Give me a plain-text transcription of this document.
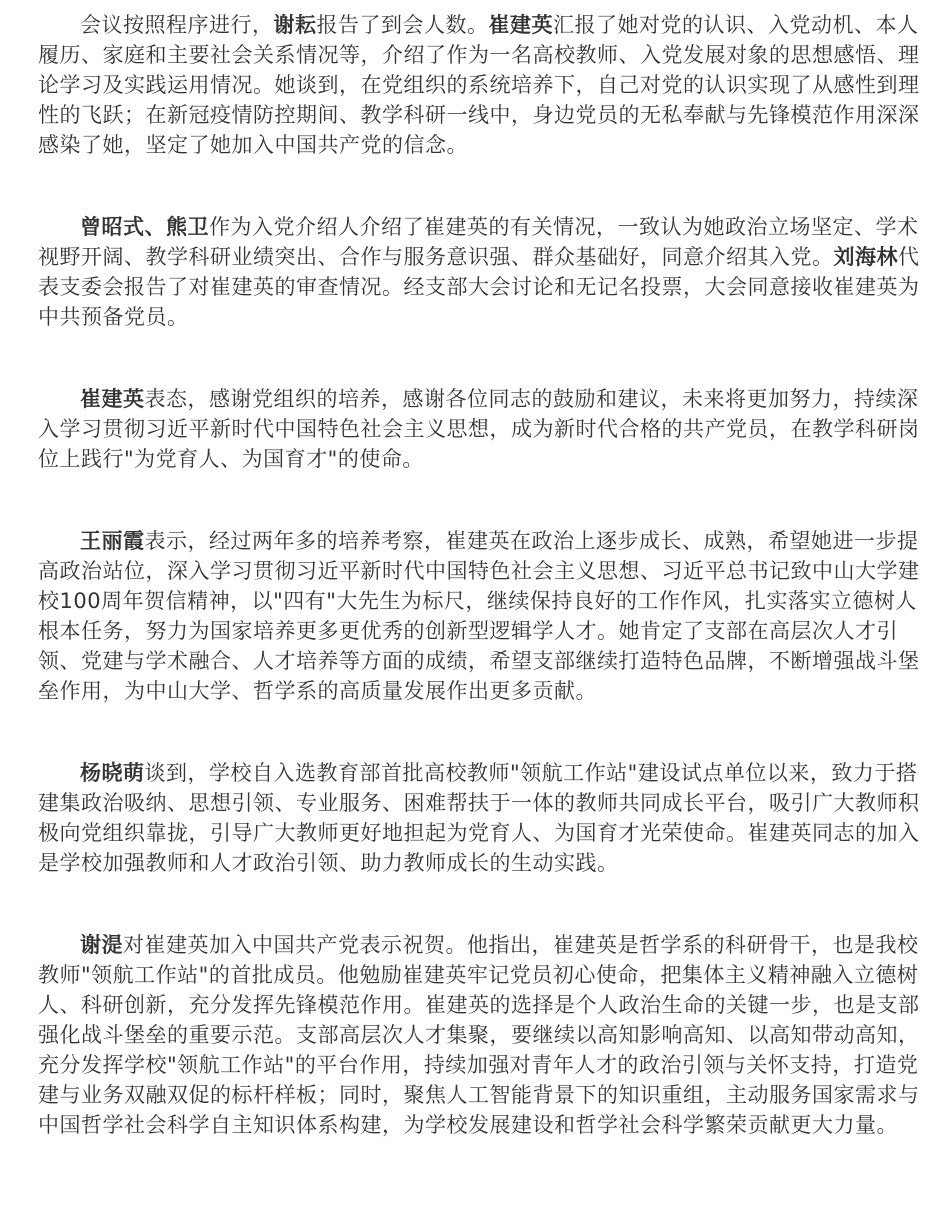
会议按照程序进行，谢耘报告了到会人数。崔建英汇报了她对党的认识、入党动机、本人履历、家庭和主要社会关系情况等，介绍了作为一名高校教师、入党发展对象的思想感悟、理论学习及实践运用情况。她谈到，在党组织的系统培养下，自己对党的认识实现了从感性到理性的飞跃；在新冠疫情防控期间、教学科研一线中，身边党员的无私奉献与先锋模范作用深深感染了她，坚定了她加入中国共产党的信念。

曾昭式、熊卫作为入党介绍人介绍了崔建英的有关情况，一致认为她政治立场坚定、学术视野开阔、教学科研业绩突出、合作与服务意识强、群众基础好，同意介绍其入党。刘海林代表支委会报告了对崔建英的审查情况。经支部大会讨论和无记名投票，大会同意接收崔建英为中共预备党员。

崔建英表态，感谢党组织的培养，感谢各位同志的鼓励和建议，未来将更加努力，持续深入学习贯彻习近平新时代中国特色社会主义思想，成为新时代合格的共产党员，在教学科研岗位上践行"为党育人、为国育才"的使命。

王丽霞表示，经过两年多的培养考察，崔建英在政治上逐步成长、成熟，希望她进一步提高政治站位，深入学习贯彻习近平新时代中国特色社会主义思想、习近平总书记致中山大学建校100周年贺信精神，以"四有"大先生为标尺，继续保持良好的工作作风，扎实落实立德树人根本任务，努力为国家培养更多更优秀的创新型逻辑学人才。她肯定了支部在高层次人才引领、党建与学术融合、人才培养等方面的成绩，希望支部继续打造特色品牌，不断增强战斗堡垒作用，为中山大学、哲学系的高质量发展作出更多贡献。

杨晓萌谈到，学校自入选教育部首批高校教师"领航工作站"建设试点单位以来，致力于搭建集政治吸纳、思想引领、专业服务、困难帮扶于一体的教师共同成长平台，吸引广大教师积极向党组织靠拢，引导广大教师更好地担起为党育人、为国育才光荣使命。崔建英同志的加入是学校加强教师和人才政治引领、助力教师成长的生动实践。

谢湜对崔建英加入中国共产党表示祝贺。他指出，崔建英是哲学系的科研骨干，也是我校教师"领航工作站"的首批成员。他勉励崔建英牢记党员初心使命，把集体主义精神融入立德树人、科研创新，充分发挥先锋模范作用。崔建英的选择是个人政治生命的关键一步，也是支部强化战斗堡垒的重要示范。支部高层次人才集聚，要继续以高知影响高知、以高知带动高知，充分发挥学校"领航工作站"的平台作用，持续加强对青年人才的政治引领与关怀支持，打造党建与业务双融双促的标杆样板；同时，聚焦人工智能背景下的知识重组，主动服务国家需求与中国哲学社会科学自主知识体系构建，为学校发展建设和哲学社会科学繁荣贡献更大力量。
